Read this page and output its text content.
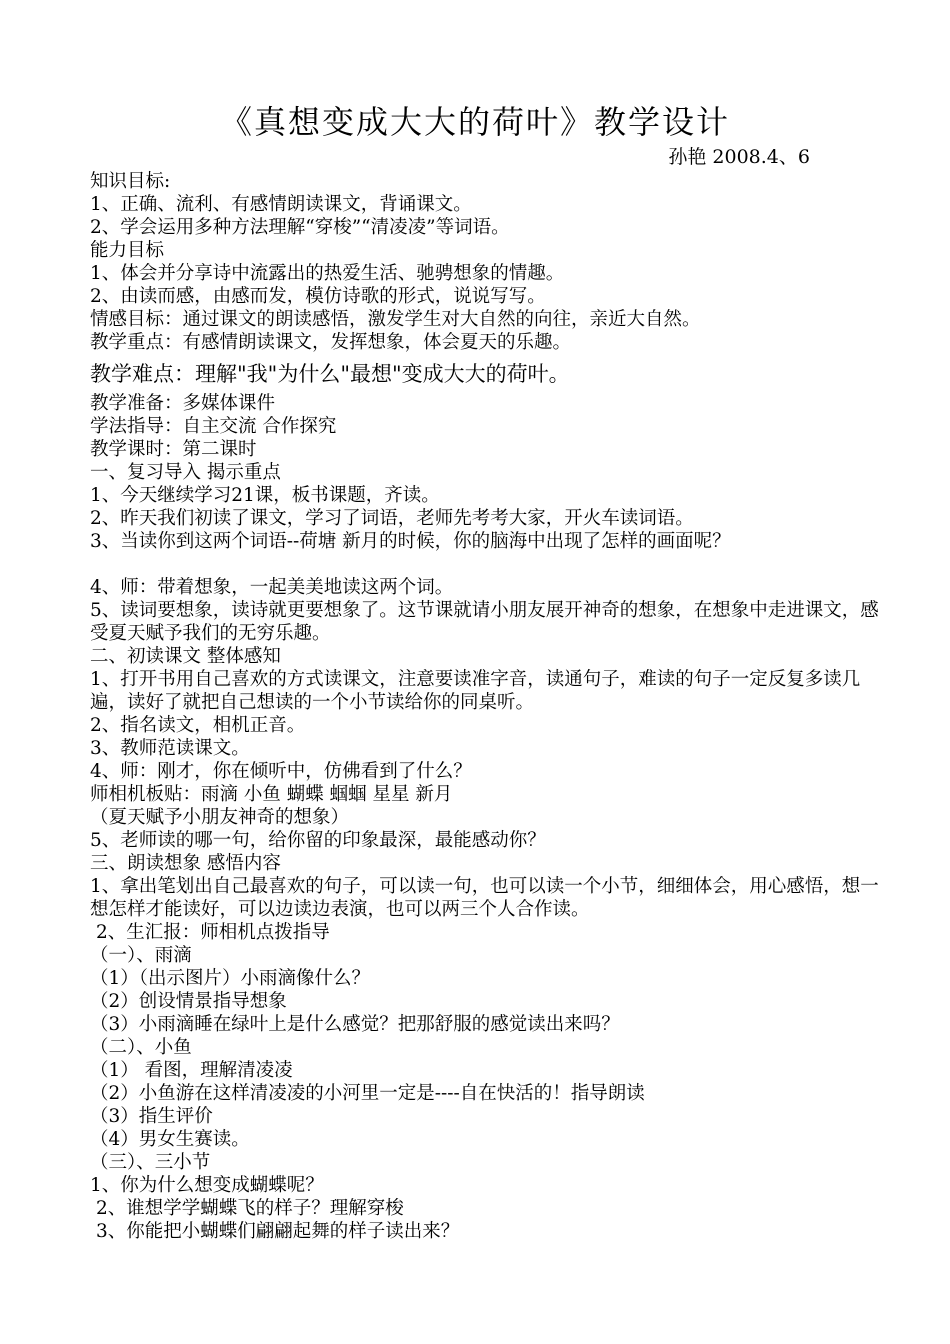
《真想变成大大的荷叶》教学设计
孙艳 2008.4、6
知识目标:
1、正确、流利、有感情朗读课文，背诵课文。
2、学会运用多种方法理解“穿梭”“清凌凌”等词语。
能力目标
1、体会并分享诗中流露出的热爱生活、驰骋想象的情趣。
2、由读而感，由感而发，模仿诗歌的形式，说说写写。
情感目标：通过课文的朗读感悟，激发学生对大自然的向往，亲近大自然。
教学重点：有感情朗读课文，发挥想象，体会夏天的乐趣。
教学难点：理解"我"为什么"最想"变成大大的荷叶。
教学准备：多媒体课件
学法指导：自主交流 合作探究
教学课时：第二课时
一、复习导入 揭示重点
1、今天继续学习21课，板书课题，齐读。
2、昨天我们初读了课文，学习了词语，老师先考考大家，开火车读词语。
3、当读你到这两个词语--荷塘 新月的时候，你的脑海中出现了怎样的画面呢？
4、师：带着想象，一起美美地读这两个词。
5、读词要想象，读诗就更要想象了。这节课就请小朋友展开神奇的想象，在想象中走进课文，感受夏天赋予我们的无穷乐趣。
二、初读课文 整体感知
1、打开书用自己喜欢的方式读课文，注意要读准字音，读通句子，难读的句子一定反复多读几遍，读好了就把自己想读的一个小节读给你的同桌听。
2、指名读文，相机正音。
3、教师范读课文。
4、师：刚才，你在倾听中，仿佛看到了什么？
师相机板贴：雨滴 小鱼 蝴蝶 蝈蝈 星星 新月
（夏天赋予小朋友神奇的想象）
5、老师读的哪一句，给你留的印象最深，最能感动你？
三、朗读想象 感悟内容
1、拿出笔划出自己最喜欢的句子，可以读一句，也可以读一个小节，细细体会，用心感悟，想一想怎样才能读好，可以边读边表演，也可以两三个人合作读。
2、生汇报：师相机点拨指导
（一）、雨滴
（1）（出示图片）小雨滴像什么？
（2）创设情景指导想象
（3）小雨滴睡在绿叶上是什么感觉？把那舒服的感觉读出来吗？
（二）、小鱼
（1） 看图，理解清凌凌
（2）小鱼游在这样清凌凌的小河里一定是----自在快活的！指导朗读
（3）指生评价
（4）男女生赛读。
（三）、三小节
1、你为什么想变成蝴蝶呢？
2、谁想学学蝴蝶飞的样子？理解穿梭
3、你能把小蝴蝶们翩翩起舞的样子读出来？
